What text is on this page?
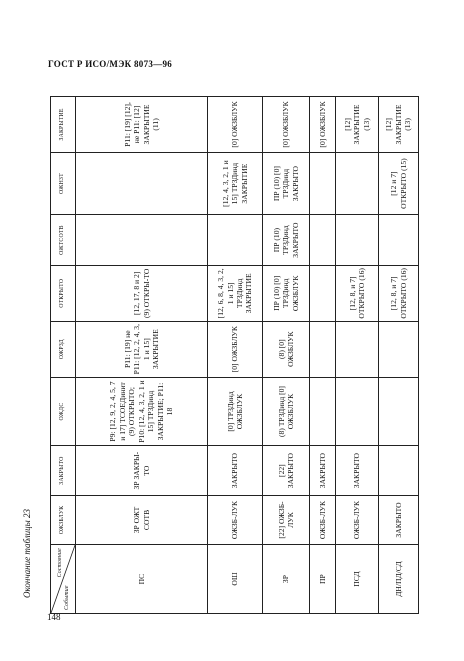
ГОСТ Р ИСО/МЭК 8073—96
Окончание таблицы 23
148
Состояние
Событие	ОЖЗБЛУК	ЗАКРЫТО	ОЖДС	ОЖРЗД	ОТКРЫТО	ОЖТСОТВ	ОЖНЗТ	ЗАКРЫТИЕ
ПС	ЗР ОЖТ СОТВ	ЗР ЗАКРЫ-ТО	Р9: [12, 9, 2, 4, 5, 7 и 17] ТСОЕДинит (9) ОТКРЫТО; Р10: [12, 4, 3, 2, 1 и 15] ТРЗДинд ЗАКРЫТИЕ; Р11: 18	Р11: [19] не Р11: [12, 2, 4, 3, 1 и 15] ЗАКРЫТИЕ	[12, 17, 8 и 2] (9) ОТКРЫ-ТО			Р11: [19] [12], не Р11: [12] ЗАКРЫТИЕ (11)
ОШ	ОЖЗБ-ЛУК	ЗАКРЫТО	[0] ТРЗДинд ОЖЗБЛУК	[0] ОЖЗБЛУК	[12, 6, 8, 4, 3, 2, 1 и 15] ТРЗДинд ЗАКРЫТИЕ		[12, 4, 3, 2, 1 и 15] ТРЗДинд ЗАКРЫТИЕ	[0] ОЖЗБЛУК
ЗР	[22] ОЖЗБ-ЛУК	[22] ЗАКРЫТО	(8) ТРЗДинд [0] ОЖЗБЛУК	(8) [0] ОЖЗБЛУК	ПР (10) [0] ТРЗДинд ОЖЗБЛУК	ПР (10) ТРЗДинд ЗАКРЫТО	ПР (10) [0] ТРЗДинд ЗАКРЫТО	[0] ОЖЗБЛУК
ПР	ОЖЗБ-ЛУК	ЗАКРЫТО						[0] ОЖЗБЛУК
ПСД	ОЖЗБ-ЛУК	ЗАКРЫТО			[12, 8, и 7] ОТКРЫТО (16)			[12] ЗАКРЫТИЕ (13)
ДН/ПД/СД	ЗАКРЫТО				[12, 8, и 7] ОТКРЫТО (16)		[12 и 7] ОТКРЫТО (15)	[12] ЗАКРЫТИЕ (13)
